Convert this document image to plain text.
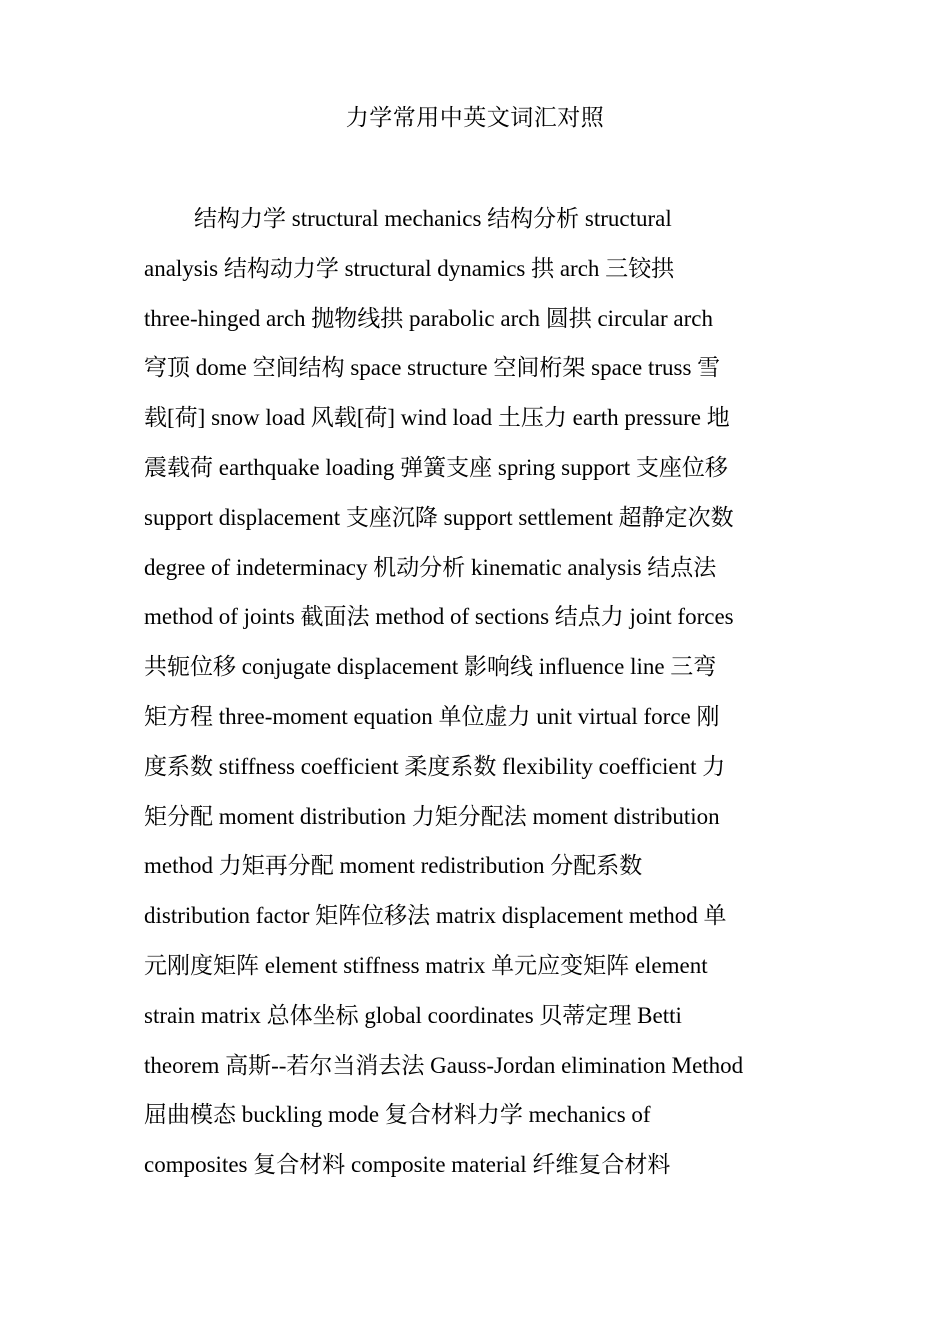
力学常用中英文词汇对照
结构力学 structural mechanics 结构分析 structural
analysis 结构动力学 structural dynamics 拱 arch 三铰拱
three-hinged arch 抛物线拱 parabolic arch 圆拱 circular arch
穹顶 dome 空间结构 space structure 空间桁架 space truss 雪
载[荷] snow load 风载[荷] wind load 土压力 earth pressure 地
震载荷 earthquake loading 弹簧支座 spring support 支座位移
support displacement 支座沉降 support settlement 超静定次数
degree of indeterminacy 机动分析 kinematic analysis 结点法
method of joints 截面法 method of sections 结点力 joint forces
共轭位移 conjugate displacement 影响线 influence line 三弯
矩方程 three-moment equation 单位虚力 unit virtual force 刚
度系数 stiffness coefficient 柔度系数 flexibility coefficient 力
矩分配 moment distribution 力矩分配法 moment distribution
method 力矩再分配 moment redistribution 分配系数
distribution factor 矩阵位移法 matrix displacement method 单
元刚度矩阵 element stiffness matrix 单元应变矩阵 element
strain matrix 总体坐标 global coordinates 贝蒂定理 Betti
theorem 高斯--若尔当消去法 Gauss-Jordan elimination Method
屈曲模态 buckling mode 复合材料力学 mechanics of
composites 复合材料 composite material 纤维复合材料
